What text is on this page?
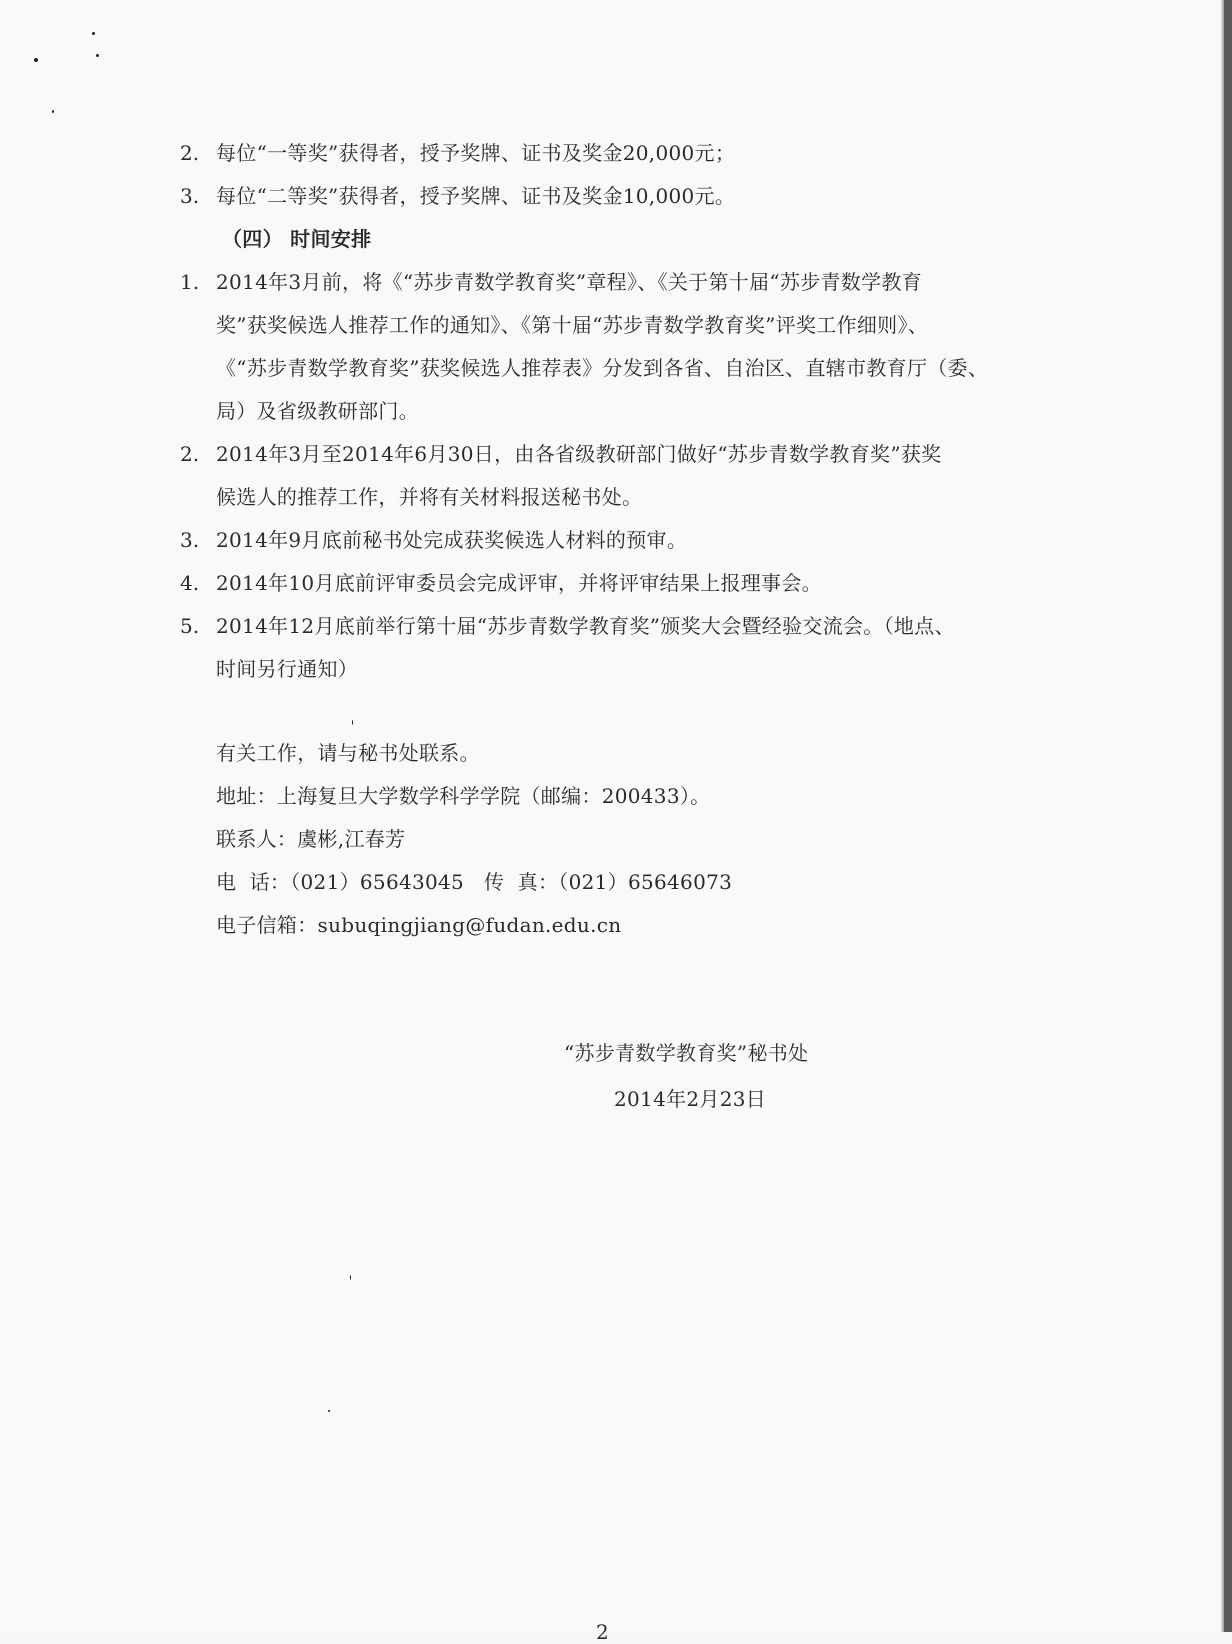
2. 每位“一等奖”获得者，授予奖牌、证书及奖金20,000元；
3. 每位“二等奖”获得者，授予奖牌、证书及奖金10,000元。
（四） 时间安排
1. 2014年3月前，将《“苏步青数学教育奖”章程》、《关于第十届“苏步青数学教育
奖”获奖候选人推荐工作的通知》、《第十届“苏步青数学教育奖”评奖工作细则》、
《“苏步青数学教育奖”获奖候选人推荐表》分发到各省、自治区、直辖市教育厅（委、
局）及省级教研部门。
2. 2014年3月至2014年6月30日，由各省级教研部门做好“苏步青数学教育奖”获奖
候选人的推荐工作，并将有关材料报送秘书处。
3. 2014年9月底前秘书处完成获奖候选人材料的预审。
4. 2014年10月底前评审委员会完成评审，并将评审结果上报理事会。
5. 2014年12月底前举行第十届“苏步青数学教育奖”颁奖大会暨经验交流会。（地点、
时间另行通知）
有关工作，请与秘书处联系。
地址：上海复旦大学数学科学学院（邮编：200433）。
联系人：虞彬,江春芳
电  话：（021）65643045   传  真：（021）65646073
电子信箱：subuqingjiang@fudan.edu.cn
“苏步青数学教育奖”秘书处
2014年2月23日
2
